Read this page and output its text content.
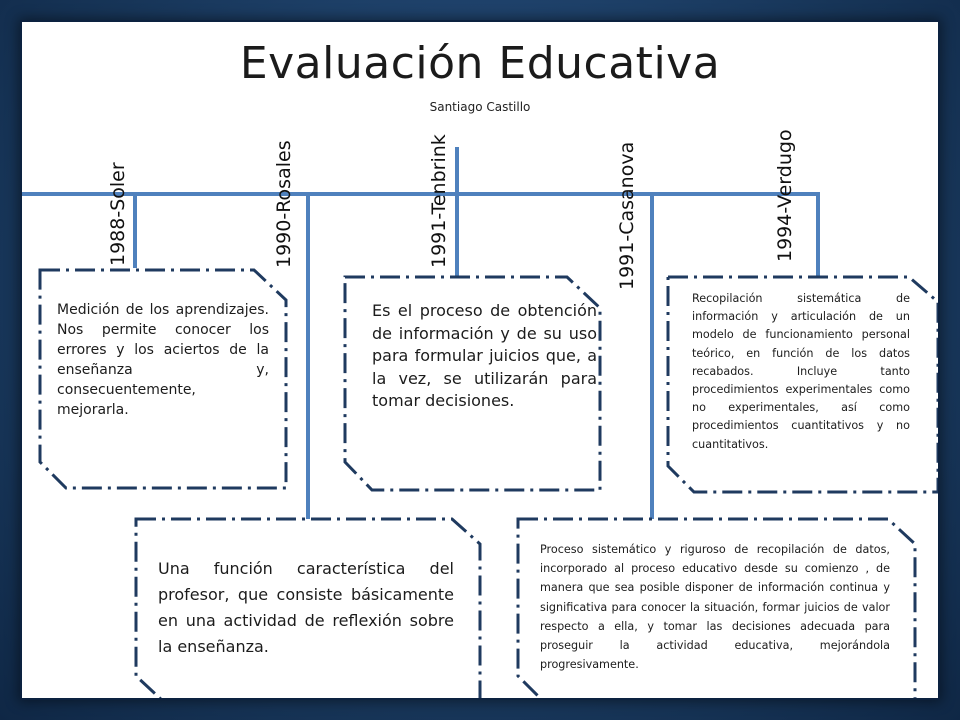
Evaluación Educativa
Santiago Castillo
1988-Soler	1990-Rosales	1991-Tenbrink	1991-Casanova	1994-Verdugo
Medición de los aprendizajes. Nos permite conocer los errores y los aciertos de la enseñanza y, consecuentemente, mejorarla.
Es el proceso de obtención de información y de su uso para formular juicios que, a la vez, se utilizarán para tomar decisiones.
Recopilación sistemática de información y articulación de un modelo de funcionamiento personal teórico, en función de los datos recabados. Incluye tanto procedimientos experimentales como no experimentales, así como procedimientos cuantitativos y no cuantitativos.
Una función característica del profesor, que consiste básicamente en una actividad de reflexión sobre la enseñanza.
Proceso sistemático y riguroso de recopilación de datos, incorporado al proceso educativo desde su comienzo , de manera que sea posible disponer de información continua y significativa para conocer la situación, formar juicios de valor respecto a ella, y tomar las decisiones adecuada para proseguir la actividad educativa, mejorándola progresivamente.
